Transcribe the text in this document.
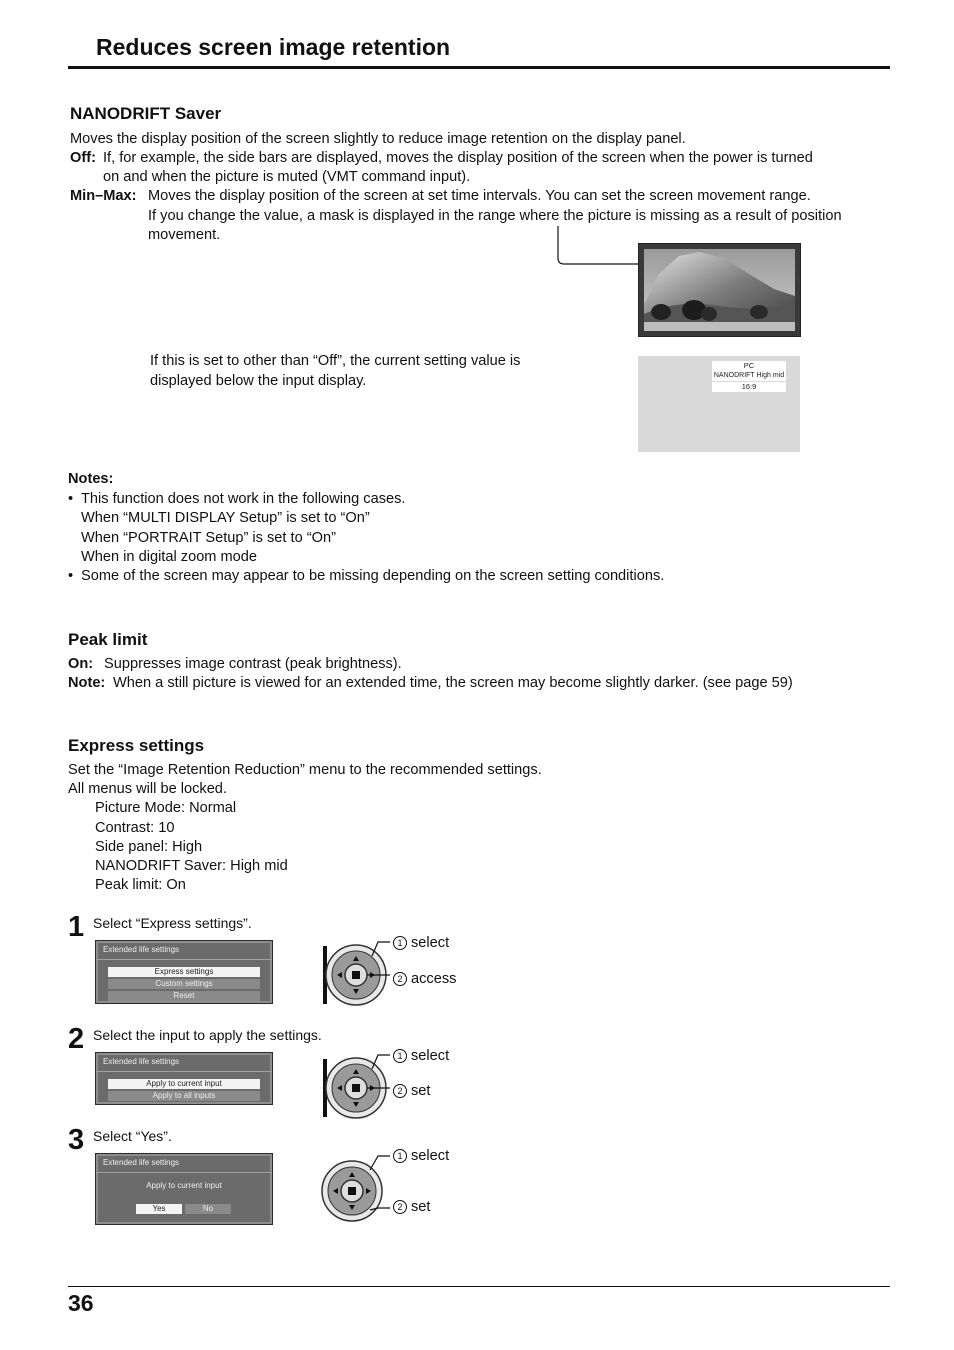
Reduces screen image retention
NANODRIFT Saver
Moves the display position of the screen slightly to reduce image retention on the display panel.
Off: If, for example, the side bars are displayed, moves the display position of the screen when the power is turned
on and when the picture is muted (VMT command input).
Min–Max: Moves the display position of the screen at set time intervals. You can set the screen movement range.
If you change the value, a mask is displayed in the range where the picture is missing as a result of position
movement.
If this is set to other than “Off”, the current setting value is
displayed below the input display.
PC
NANODRIFT High mid
16:9
Notes:
• This function does not work in the following cases.
When “MULTI DISPLAY Setup” is set to “On”
When “PORTRAIT Setup” is set to “On”
When in digital zoom mode
• Some of the screen may appear to be missing depending on the screen setting conditions.
Peak limit
On: Suppresses image contrast (peak brightness).
Note: When a still picture is viewed for an extended time, the screen may become slightly darker. (see page 59)
Express settings
Set the “Image Retention Reduction” menu to the recommended settings.
All menus will be locked.
Picture Mode: Normal
Contrast: 10
Side panel: High
NANODRIFT Saver: High mid
Peak limit: On
1 Select “Express settings”.
Extended life settings
Express settings
Custom settings
Reset
1 select
2 access
2 Select the input to apply the settings.
Extended life settings
Apply to current input
Apply to all inputs
1 select
2 set
3 Select “Yes”.
Extended life settings
Apply to current input
Yes	No
1 select
2 set
36
